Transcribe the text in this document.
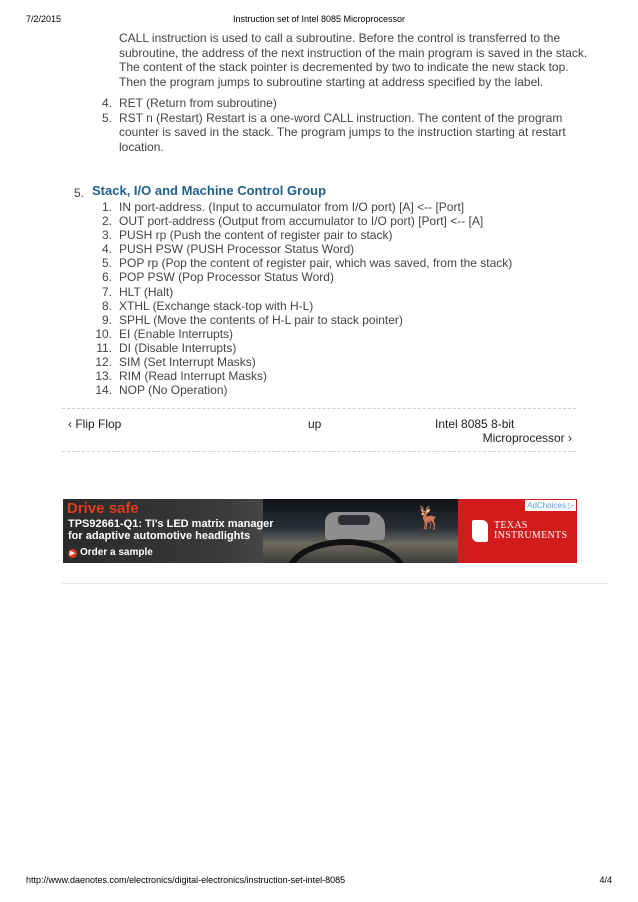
7/2/2015	Instruction set of Intel 8085 Microprocessor

CALL instruction is used to call a subroutine. Before the control is transferred to the subroutine, the address of the next instruction of the main program is saved in the stack. The content of the stack pointer is decremented by two to indicate the new stack top. Then the program jumps to subroutine starting at address specified by the label.

4. RET (Return from subroutine)
5. RST n (Restart) Restart is a one-word CALL instruction. The content of the program counter is saved in the stack. The program jumps to the instruction starting at restart location.
5. Stack, I/O and Machine Control Group
1. IN port-address. (Input to accumulator from I/O port) [A] <-- [Port]
2. OUT port-address (Output from accumulator to I/O port) [Port] <-- [A]
3. PUSH rp (Push the content of register pair to stack)
4. PUSH PSW (PUSH Processor Status Word)
5. POP rp (Pop the content of register pair, which was saved, from the stack)
6. POP PSW (Pop Processor Status Word)
7. HLT (Halt)
8. XTHL (Exchange stack-top with H-L)
9. SPHL (Move the contents of H-L pair to stack pointer)
10. EI (Enable Interrupts)
11. DI (Disable Interrupts)
12. SIM (Set Interrupt Masks)
13. RIM (Read Interrupt Masks)
14. NOP (No Operation)
‹ Flip Flop	up	Intel 8085 8-bit
Microprocessor ›
🦌
Drive safe
TPS92661-Q1: TI's LED matrix manager
for adaptive automotive headlights
▶ Order a sample
TEXAS
INSTRUMENTS
AdChoices ▷
http://www.daenotes.com/electronics/digital-electronics/instruction-set-intel-8085	4/4
